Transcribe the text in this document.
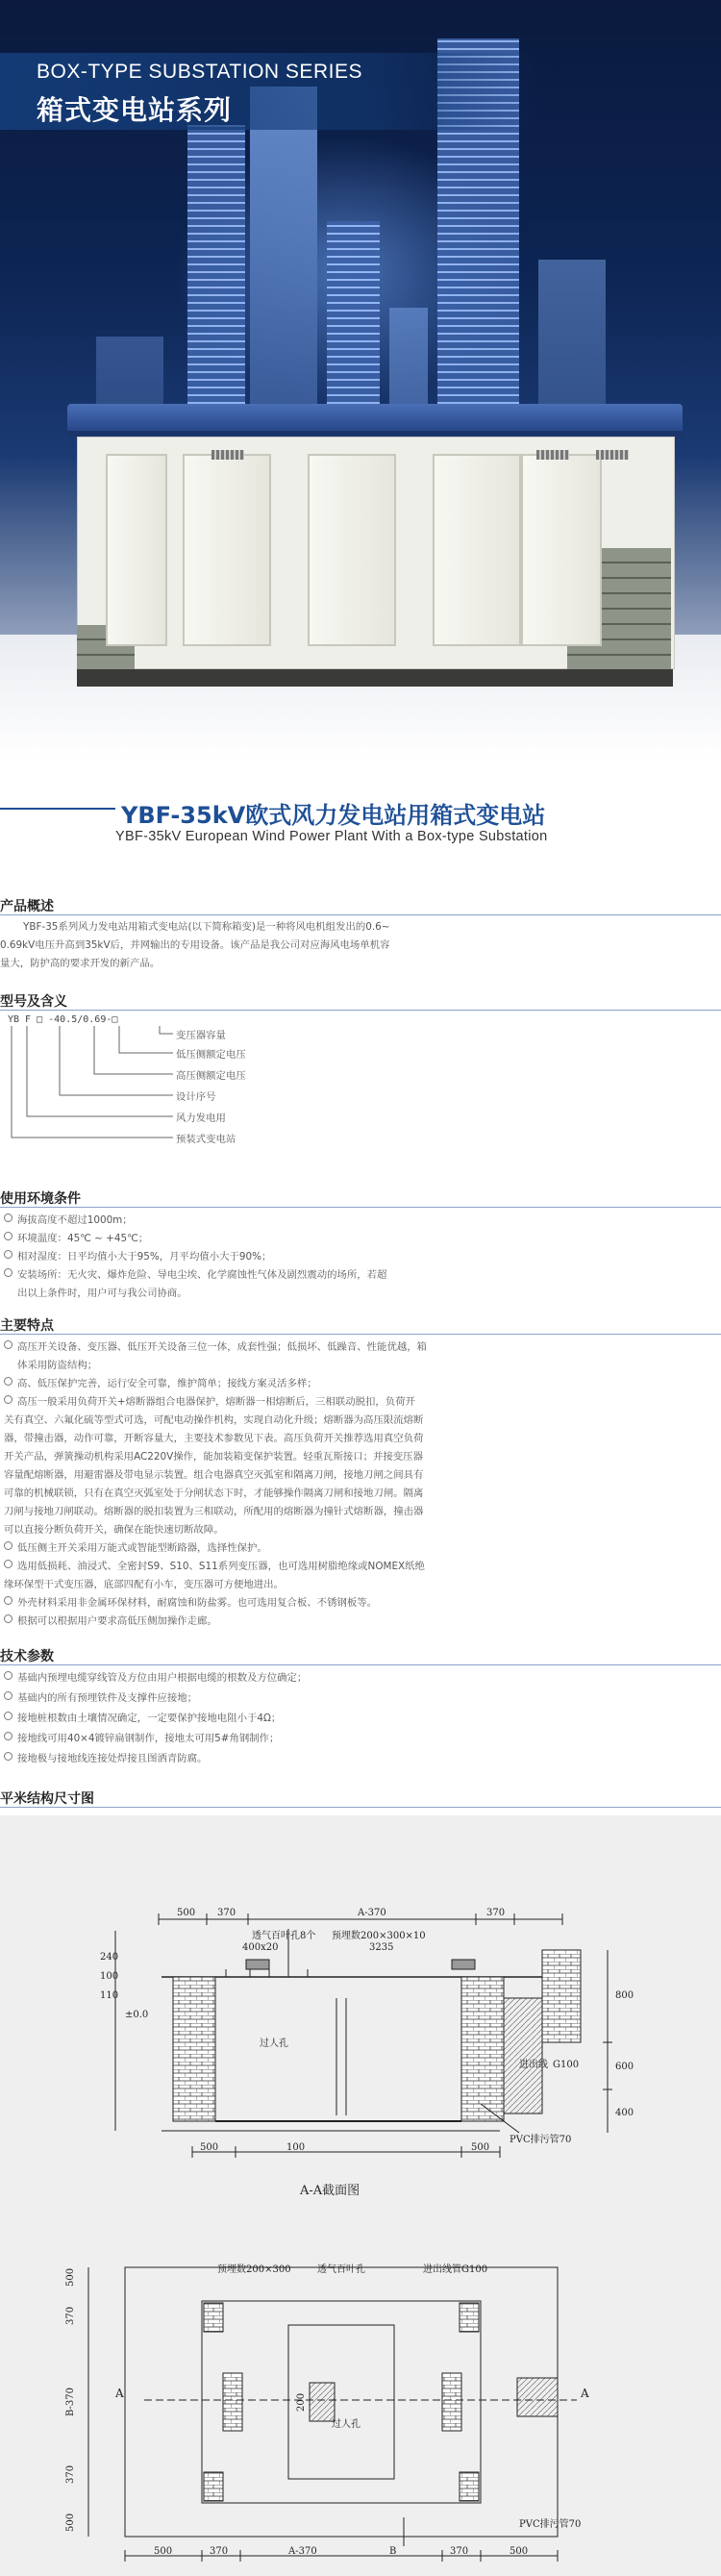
BOX-TYPE SUBSTATION SERIES
箱式变电站系列
YBF-35kV欧式风力发电站用箱式变电站
YBF-35kV European Wind Power Plant With a Box-type Substation
产品概述
YBF-35系列风力发电站用箱式变电站(以下简称箱变)是一种将风电机组发出的0.6~
0.69kV电压升高到35kV后，并网输出的专用设备。该产品是我公司对应海风电场单机容
量大，防护高的要求开发的新产品。
型号及含义
YB F □ -40.5/0.69-□
变压器容量
低压侧额定电压
高压侧额定电压
设计序号
风力发电用
预装式变电站
使用环境条件
海拔高度不超过1000m；
环境温度：45℃ ~ +45℃；
相对湿度：日平均值小大于95%，月平均值小大于90%；
安装场所：无火灾、爆炸危险、导电尘埃、化学腐蚀性气体及剧烈震动的场所，若超
出以上条件时，用户可与我公司协商。
主要特点
高压开关设备、变压器、低压开关设备三位一体，成套性强；低损坏、低躁音、性能优越，箱
体采用防盗结构；
高、低压保护完善，运行安全可靠，维护简单；接线方案灵活多样；
高压一般采用负荷开关+熔断器组合电器保护，熔断器一相熔断后，三相联动脱扣，负荷开
关有真空、六氟化硫等型式可选，可配电动操作机构，实现自动化升级；熔断器为高压限流熔断
器，带撞击器，动作可靠，开断容量大，主要技术参数见下表。高压负荷开关推荐选用真空负荷
开关产品，弹簧操动机构采用AC220V操作，能加装箱变保护装置。轻重瓦斯接口；并接变压器
容量配熔断器，用避雷器及带电显示装置。组合电器真空灭弧室和隔离刀闸，接地刀闸之间具有
可靠的机械联锁，只有在真空灭弧室处于分闸状态下时，才能够操作隔离刀闸和接地刀闸。隔离
刀闸与接地刀闸联动。熔断器的脱扣装置为三相联动，所配用的熔断器为撞针式熔断器，撞击器
可以直接分断负荷开关，确保在能快速切断故障。
低压侧主开关采用万能式或智能型断路器，选择性保护。
选用低损耗、油浸式、全密封S9、S10、S11系列变压器，也可选用树脂绝缘或NOMEX纸绝
缘环保型干式变压器，底部四配有小车，变压器可方便地进出。
外壳材料采用非金属环保材料，耐腐蚀和防盐雾。也可选用复合板、不锈钢板等。
根据可以根据用户要求高低压侧加操作走廊。
技术参数
基础内预埋电缆穿线管及方位由用户根据电缆的根数及方位确定；
基础内的所有预埋铁件及支撑件应接地；
接地桩根数由土壤情况确定，一定要保护接地电阻小于4Ω；
接地线可用40×4镀锌扁钢制作，接地太可用5#角钢制作；
接地极与接地线连接处焊接且图洒青防腐。
平米结构尺寸图
500 370	A-370	370
透气百叶孔8个 预埋数200×300×10
400x20	3235
240
100
110
±0.0
过人孔
进出线 G100
PVC排污管70
800
600
400
500	100	500
A-A截面图
预埋数200×300	透气百叶孔	进出线管G100
500
370
B-370
370
500
200
过人孔
A	A
PVC排污管70
500	370	A-370	B	370	500
